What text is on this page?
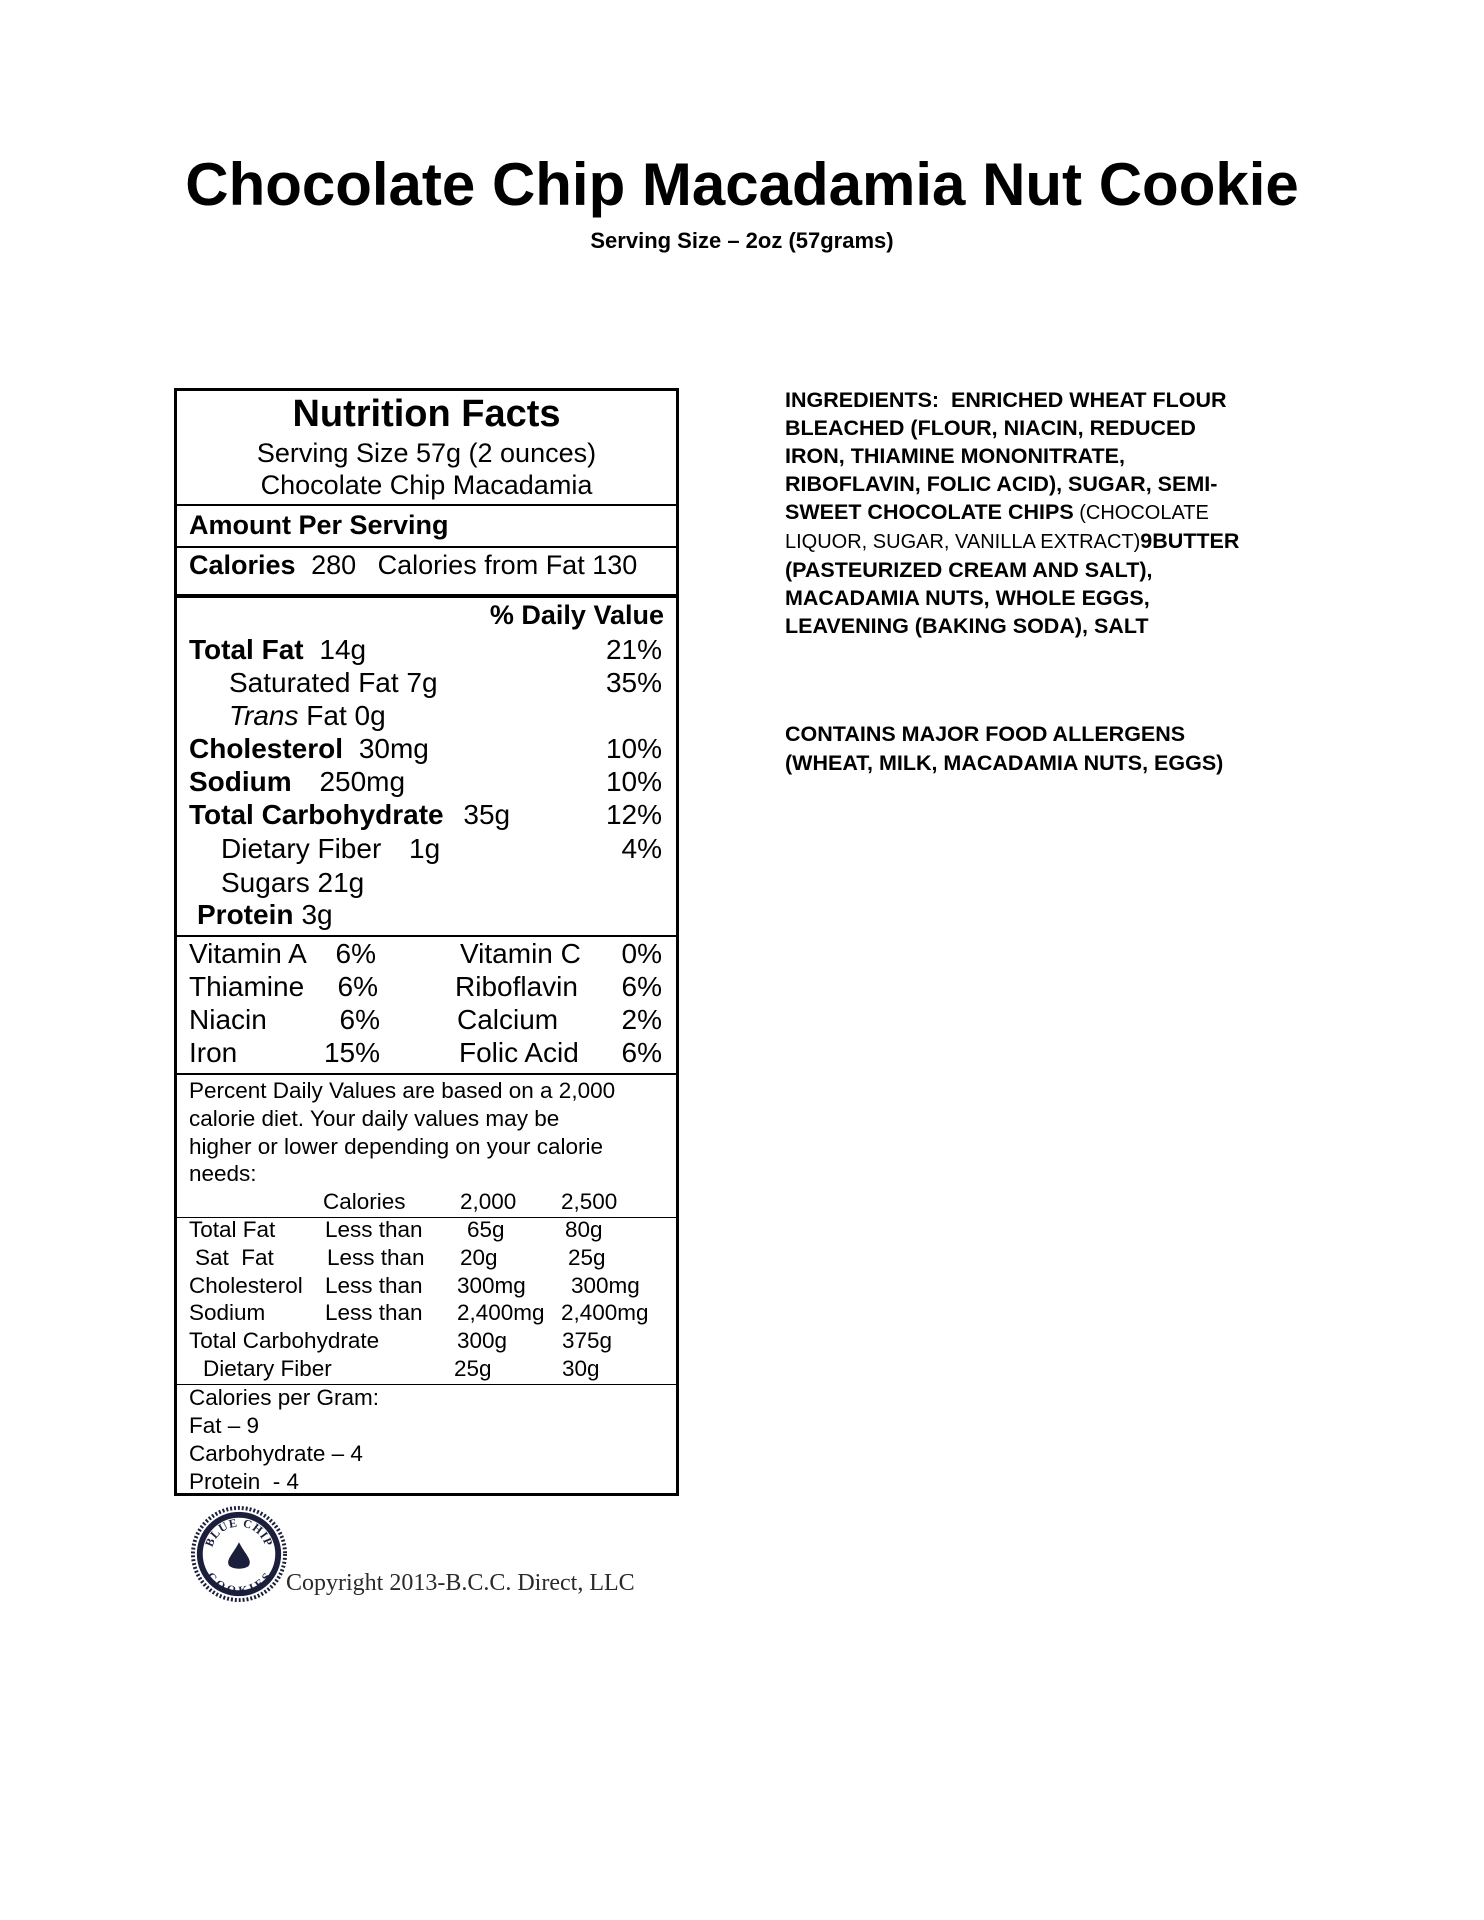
Chocolate Chip Macadamia Nut Cookie
Serving Size – 2oz (57grams)
Nutrition Facts
Serving Size 57g (2 ounces)
Chocolate Chip Macadamia
Amount Per Serving
Calories 280 Calories from Fat 130
% Daily Value
Total Fat 14g	21%
Saturated Fat 7g	35%
Trans Fat 0g
Cholesterol 30mg	10%
Sodium 250mg	10%
Total Carbohydrate 35g	12%
Dietary Fiber 1g	4%
Sugars 21g
Protein 3g
Vitamin A 6%	Vitamin C 0%
Thiamine 6%	Riboflavin 6%
Niacin	6%	Calcium 2%
Iron	15%	Folic Acid 6%
Percent Daily Values are based on a 2,000
calorie diet. Your daily values may be
higher or lower depending on your calorie
needs:
Calories 2,000 2,500
Total Fat Less than 65g	80g
Sat  Fat Less than 20g	25g
Cholesterol Less than 300mg 300mg
Sodium	Less than 2,400mg 2,400mg
Total Carbohydrate	300g 375g
Dietary Fiber	25g	30g
Calories per Gram:
Fat – 9
Carbohydrate – 4
Protein  - 4
INGREDIENTS:  ENRICHED WHEAT FLOUR
BLEACHED (FLOUR, NIACIN, REDUCED
IRON, THIAMINE MONONITRATE,
RIBOFLAVIN, FOLIC ACID), SUGAR, SEMI-
SWEET CHOCOLATE CHIPS (CHOCOLATE
LIQUOR, SUGAR, VANILLA EXTRACT)9BUTTER
(PASTEURIZED CREAM AND SALT),
MACADAMIA NUTS, WHOLE EGGS,
LEAVENING (BAKING SODA), SALT
CONTAINS MAJOR FOOD ALLERGENS
(WHEAT, MILK, MACADAMIA NUTS, EGGS)
BLUE CHIP
COOKIES Copyright 2013-B.C.C. Direct, LLC
